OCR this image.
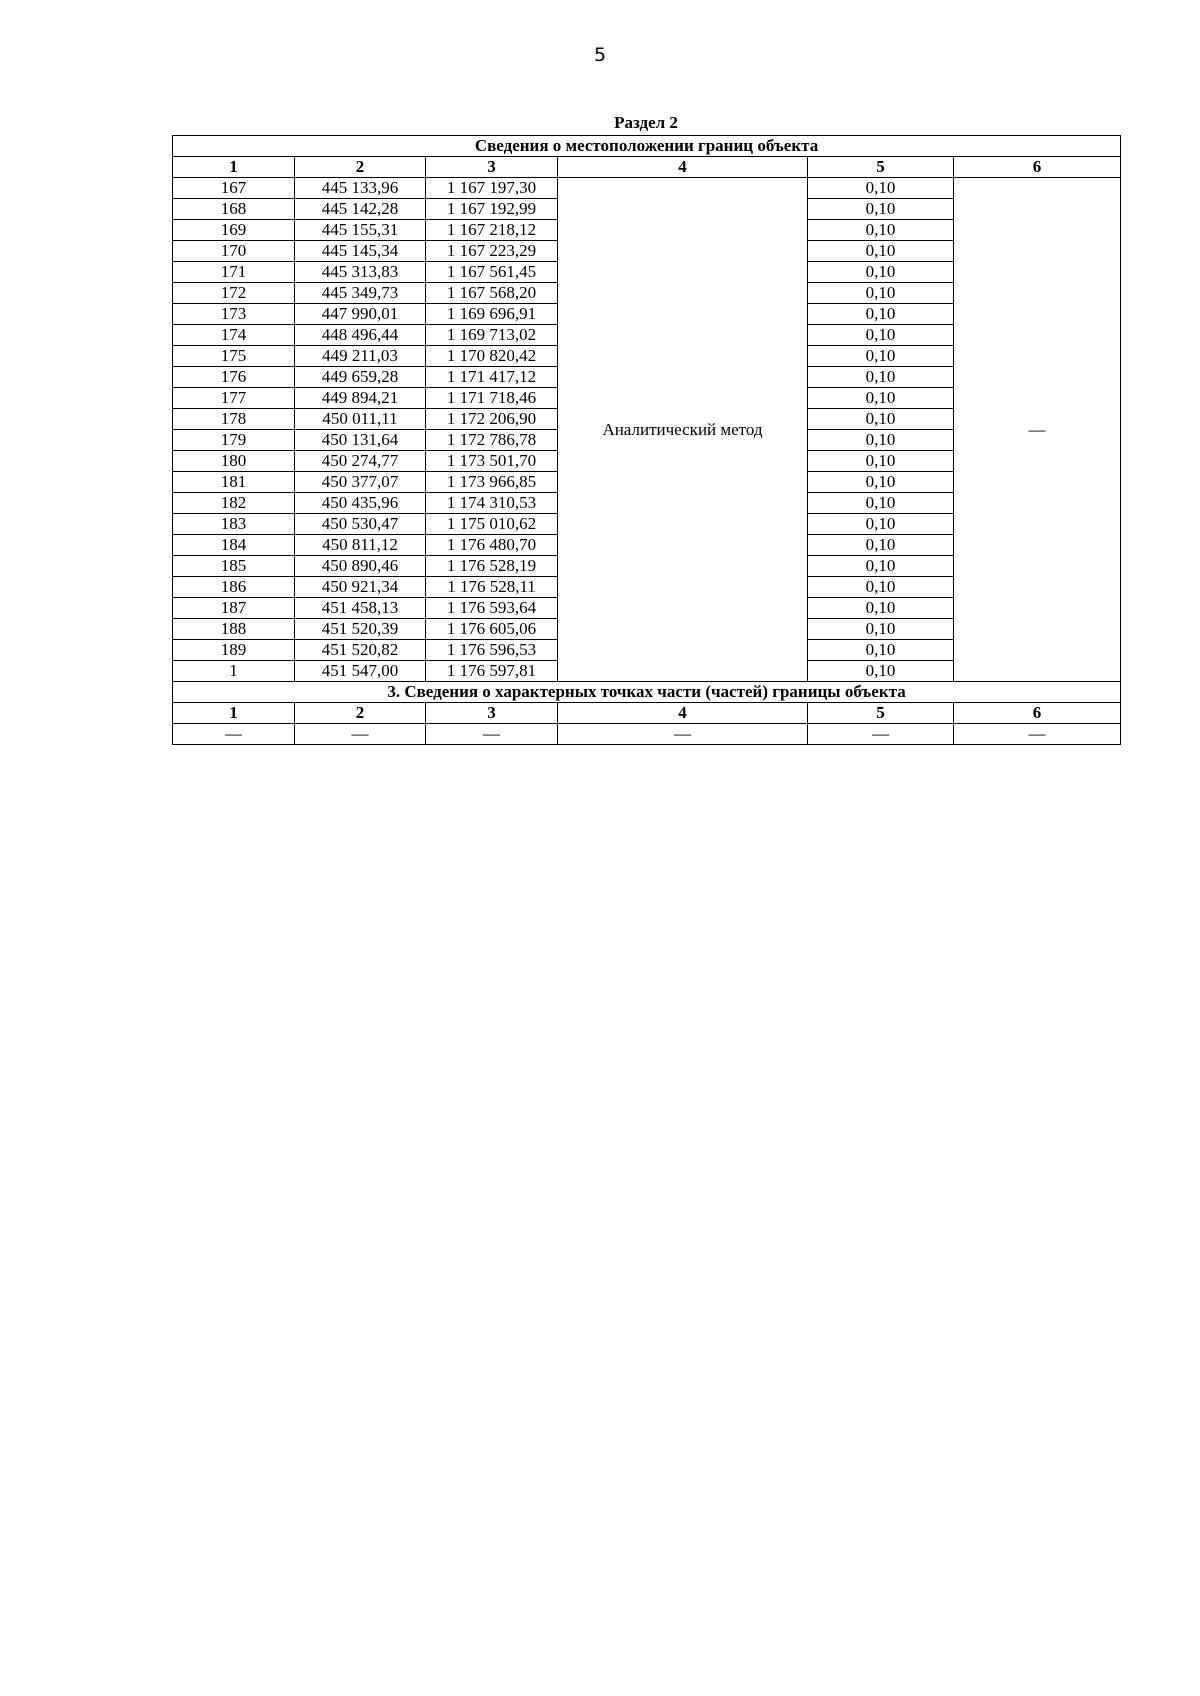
5
Раздел 2
Сведения о местоположении границ объекта					
1	2	3	4	5	6
167	445 133,96	1 167 197,30	Аналитический метод	0,10	—
168	445 142,28	1 167 192,99		0,10	
169	445 155,31	1 167 218,12		0,10	
170	445 145,34	1 167 223,29		0,10	
171	445 313,83	1 167 561,45		0,10	
172	445 349,73	1 167 568,20		0,10	
173	447 990,01	1 169 696,91		0,10	
174	448 496,44	1 169 713,02		0,10	
175	449 211,03	1 170 820,42		0,10	
176	449 659,28	1 171 417,12		0,10	
177	449 894,21	1 171 718,46		0,10	
178	450 011,11	1 172 206,90		0,10	
179	450 131,64	1 172 786,78		0,10	
180	450 274,77	1 173 501,70		0,10	
181	450 377,07	1 173 966,85		0,10	
182	450 435,96	1 174 310,53		0,10	
183	450 530,47	1 175 010,62		0,10	
184	450 811,12	1 176 480,70		0,10	
185	450 890,46	1 176 528,19		0,10	
186	450 921,34	1 176 528,11		0,10	
187	451 458,13	1 176 593,64		0,10	
188	451 520,39	1 176 605,06		0,10	
189	451 520,82	1 176 596,53		0,10	
1	451 547,00	1 176 597,81		0,10	
3. Сведения о характерных точках части (частей) границы объекта					
1	2	3	4	5	6
—	—	—	—	—	—
